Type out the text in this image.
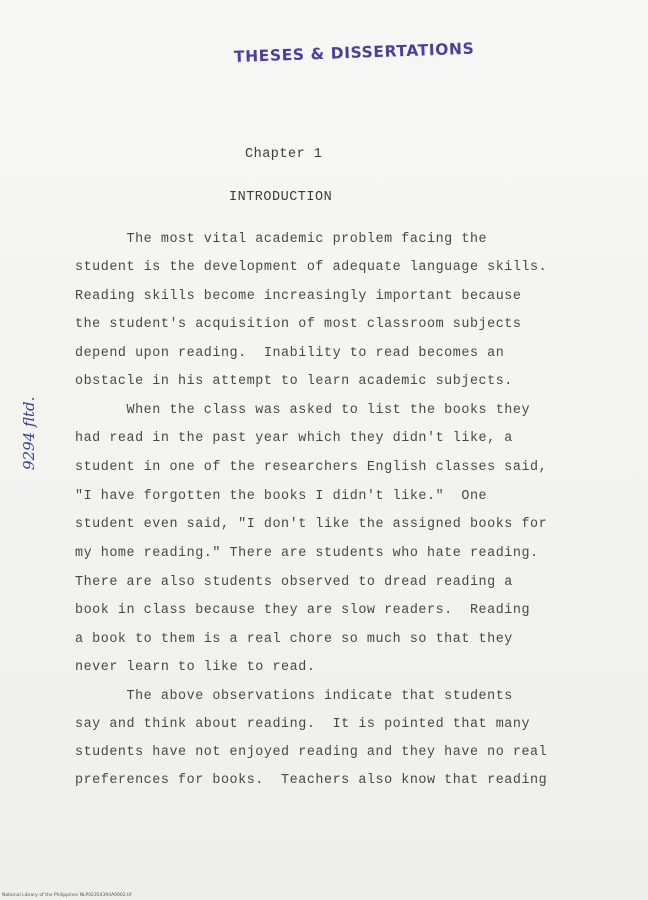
THESES & DISSERTATIONS
9294 fltd.
Chapter 1
INTRODUCTION
The most vital academic problem facing the
student is the development of adequate language skills.
Reading skills become increasingly important because
the student's acquisition of most classroom subjects
depend upon reading.  Inability to read becomes an
obstacle in his attempt to learn academic subjects.
When the class was asked to list the books they
had read in the past year which they didn't like, a
student in one of the researchers English classes said,
"I have forgotten the books I didn't like."  One
student even said, "I don't like the assigned books for
my home reading." There are students who hate reading.
There are also students observed to dread reading a
book in class because they are slow readers.  Reading
a book to them is a real chore so much so that they
never learn to like to read.
The above observations indicate that students
say and think about reading.  It is pointed that many
students have not enjoyed reading and they have no real
preferences for books.  Teachers also know that reading
National Library of the Philippines NLP02354394A0002.tif
